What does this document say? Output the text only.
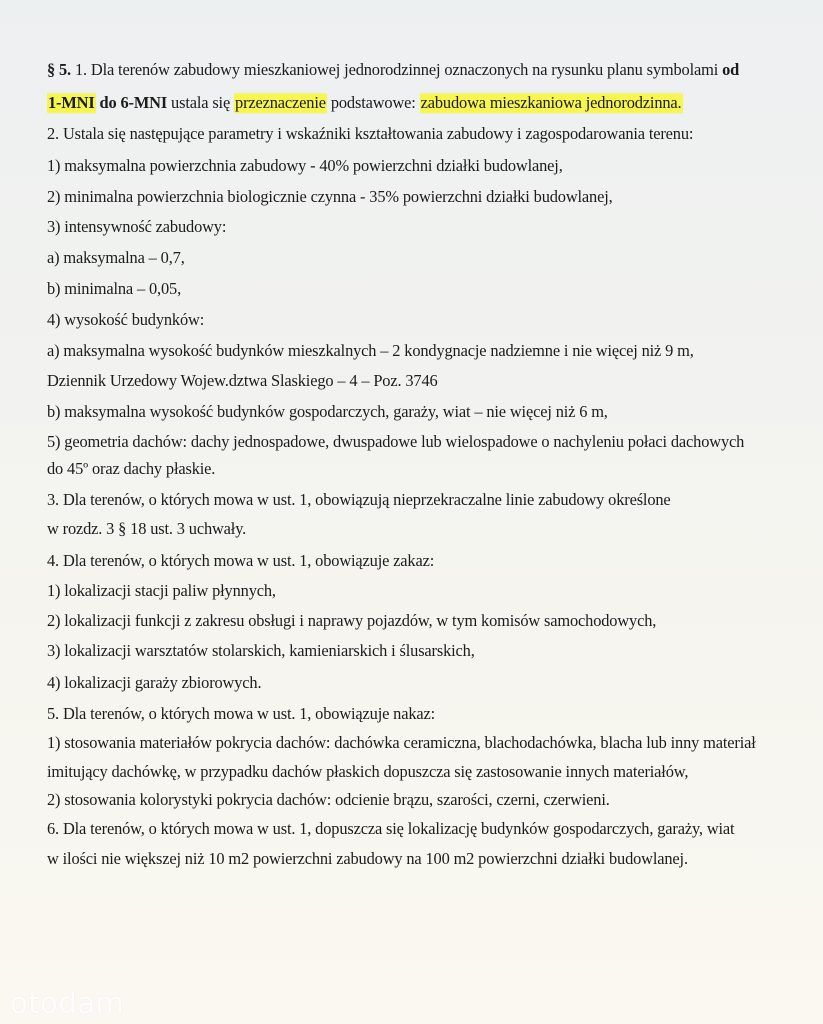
§ 5. 1. Dla terenów zabudowy mieszkaniowej jednorodzinnej oznaczonych na rysunku planu symbolami od
1-MNI do 6-MNI ustala się przeznaczenie podstawowe: zabudowa mieszkaniowa jednorodzinna.
2. Ustala się następujące parametry i wskaźniki kształtowania zabudowy i zagospodarowania terenu:
1) maksymalna powierzchnia zabudowy - 40% powierzchni działki budowlanej,
2) minimalna powierzchnia biologicznie czynna - 35% powierzchni działki budowlanej,
3) intensywność zabudowy:
a) maksymalna – 0,7,
b) minimalna – 0,05,
4) wysokość budynków:
a) maksymalna wysokość budynków mieszkalnych – 2 kondygnacje nadziemne i nie więcej niż 9 m,
Dziennik Urzedowy Wojew.dztwa Slaskiego – 4 – Poz. 3746
b) maksymalna wysokość budynków gospodarczych, garaży, wiat – nie więcej niż 6 m,
5) geometria dachów: dachy jednospadowe, dwuspadowe lub wielospadowe o nachyleniu połaci dachowych
do 45º oraz dachy płaskie.
3. Dla terenów, o których mowa w ust. 1, obowiązują nieprzekraczalne linie zabudowy określone
w rozdz. 3 § 18 ust. 3 uchwały.
4. Dla terenów, o których mowa w ust. 1, obowiązuje zakaz:
1) lokalizacji stacji paliw płynnych,
2) lokalizacji funkcji z zakresu obsługi i naprawy pojazdów, w tym komisów samochodowych,
3) lokalizacji warsztatów stolarskich, kamieniarskich i ślusarskich,
4) lokalizacji garaży zbiorowych.
5. Dla terenów, o których mowa w ust. 1, obowiązuje nakaz:
1) stosowania materiałów pokrycia dachów: dachówka ceramiczna, blachodachówka, blacha lub inny materiał
imitujący dachówkę, w przypadku dachów płaskich dopuszcza się zastosowanie innych materiałów,
2) stosowania kolorystyki pokrycia dachów: odcienie brązu, szarości, czerni, czerwieni.
6. Dla terenów, o których mowa w ust. 1, dopuszcza się lokalizację budynków gospodarczych, garaży, wiat
w ilości nie większej niż 10 m2 powierzchni zabudowy na 100 m2 powierzchni działki budowlanej.
otodam
